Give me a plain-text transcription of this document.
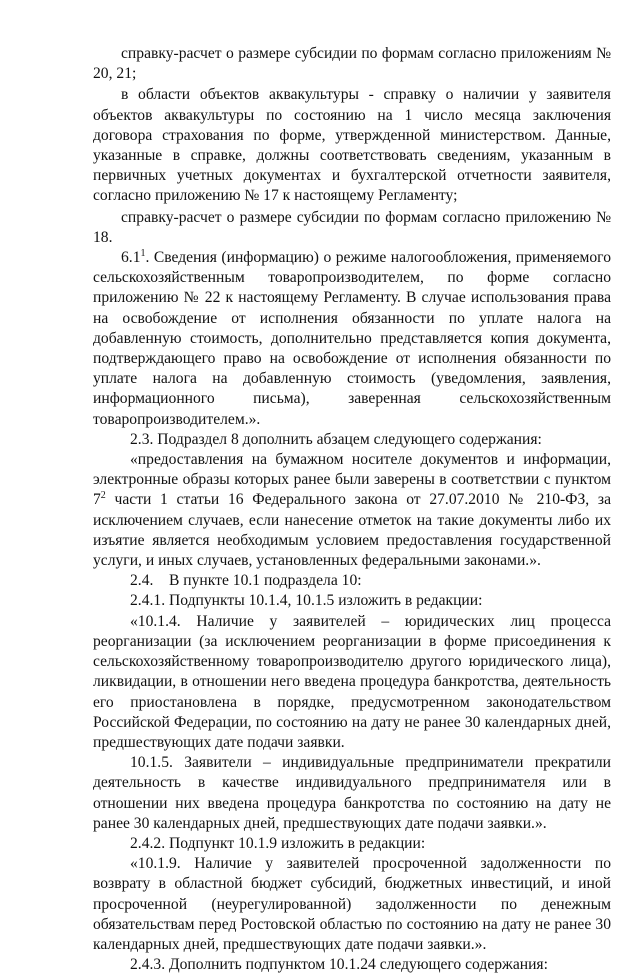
справку-расчет о размере субсидии по формам согласно приложениям № 20, 21;

в области объектов аквакультуры - справку о наличии у заявителя объектов аквакультуры по состоянию на 1 число месяца заключения договора страхования по форме, утвержденной министерством. Данные, указанные в справке, должны соответствовать сведениям, указанным в первичных учетных документах и бухгалтерской отчетности заявителя, согласно приложению № 17 к настоящему Регламенту;

справку-расчет о размере субсидии по формам согласно приложению № 18.

$6.1^1$. Сведения (информацию) о режиме налогообложения, применяемого сельскохозяйственным товаропроизводителем, по форме согласно приложению № 22 к настоящему Регламенту. В случае использования права на освобождение от исполнения обязанности по уплате налога на добавленную стоимость, дополнительно представляется копия документа, подтверждающего право на освобождение от исполнения обязанности по уплате налога на добавленную стоимость (уведомления, заявления, информационного письма), заверенная сельскохозяйственным товаропроизводителем.».

2.3. Подраздел 8 дополнить абзацем следующего содержания:

«предоставления на бумажном носителе документов и информации, электронные образы которых ранее были заверены в соответствии с пунктом $7^2$ части 1 статьи 16 Федерального закона от 27.07.2010 № 210-ФЗ, за исключением случаев, если нанесение отметок на такие документы либо их изъятие является необходимым условием предоставления государственной услуги, и иных случаев, установленных федеральными законами.».

2.4.    В пункте 10.1 подраздела 10:

2.4.1. Подпункты 10.1.4, 10.1.5 изложить в редакции:

«10.1.4. Наличие у заявителей – юридических лиц процесса реорганизации (за исключением реорганизации в форме присоединения к сельскохозяйственному товаропроизводителю другого юридического лица), ликвидации, в отношении него введена процедура банкротства, деятельность его приостановлена в порядке, предусмотренном законодательством Российской Федерации, по состоянию на дату не ранее 30 календарных дней, предшествующих дате подачи заявки.

10.1.5. Заявители – индивидуальные предприниматели прекратили деятельность в качестве индивидуального предпринимателя или в отношении них введена процедура банкротства по состоянию на дату не ранее 30 календарных дней, предшествующих дате подачи заявки.».

2.4.2. Подпункт 10.1.9 изложить в редакции:

«10.1.9. Наличие у заявителей просроченной задолженности по возврату в областной бюджет субсидий, бюджетных инвестиций, и иной просроченной (неурегулированной) задолженности по денежным обязательствам перед Ростовской областью по состоянию на дату не ранее 30 календарных дней, предшествующих дате подачи заявки.».

2.4.3. Дополнить подпунктом 10.1.24 следующего содержания:
